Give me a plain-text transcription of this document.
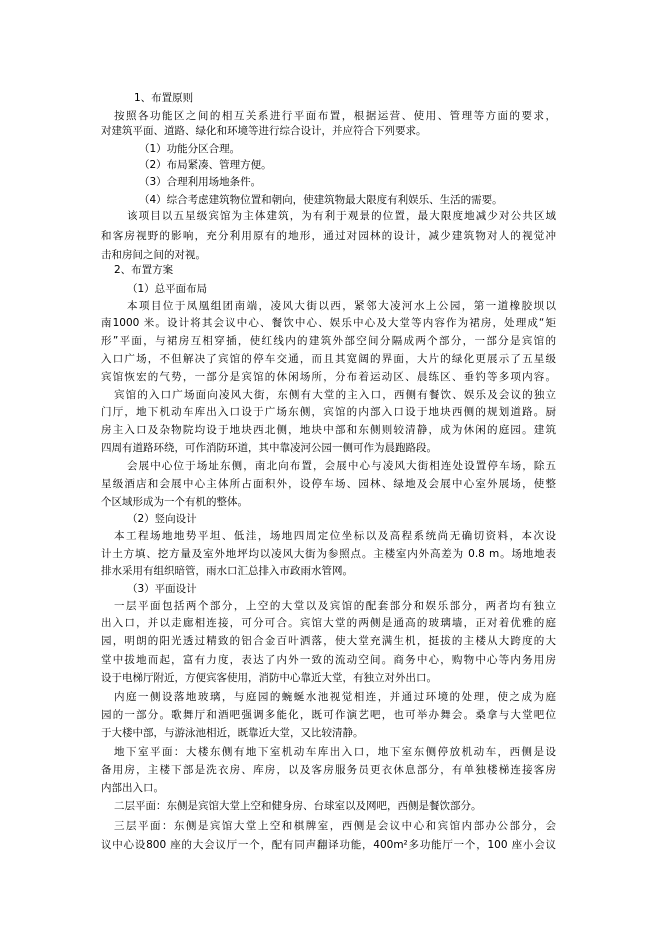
1、布置原则
按照各功能区之间的相互关系进行平面布置，根据运营、使用、管理等方面的要求，
对建筑平面、道路、绿化和环境等进行综合设计，并应符合下列要求。
（1）功能分区合理。
（2）布局紧凑、管理方便。
（3）合理利用场地条件。
（4）综合考虑建筑物位置和朝向，使建筑物最大限度有利娱乐、生活的需要。
该项目以五星级宾馆为主体建筑，为有利于观景的位置，最大限度地减少对公共区域
和客房视野的影响，充分利用原有的地形，通过对园林的设计，减少建筑物对人的视觉冲
击和房间之间的对视。
2、布置方案
（1）总平面布局
本项目位于凤凰组团南端，凌风大街以西，紧邻大凌河水上公园，第一道橡胶坝以
南1000 米。设计将其会议中心、餐饮中心、娱乐中心及大堂等内容作为裙房，处理成“矩
形”平面，与裙房互相穿插，使红线内的建筑外部空间分隔成两个部分，一部分是宾馆的
入口广场，不但解决了宾馆的停车交通，而且其宽阔的界面，大片的绿化更展示了五星级
宾馆恢宏的气势，一部分是宾馆的休闲场所，分布着运动区、晨练区、垂钓等多项内容。
宾馆的入口广场面向凌风大街，东侧有大堂的主入口，西侧有餐饮、娱乐及会议的独立
门厅，地下机动车库出入口设于广场东侧，宾馆的内部入口设于地块西侧的规划道路。厨
房主入口及杂物院均设于地块西北侧，地块中部和东侧则较清静，成为休闲的庭园。建筑
四周有道路环绕，可作消防环道，其中靠凌河公园一侧可作为晨跑路段。
会展中心位于场址东侧，南北向布置，会展中心与凌风大街相连处设置停车场，除五
星级酒店和会展中心主体所占面积外，设停车场、园林、绿地及会展中心室外展场，使整
个区域形成为一个有机的整体。
（2）竖向设计
本工程场地地势平坦、低洼，场地四周定位坐标以及高程系统尚无确切资料，本次设
计土方填、挖方量及室外地坪均以凌风大街为参照点。主楼室内外高差为 0.8 m。场地地表
排水采用有组织暗管，雨水口汇总排入市政雨水管网。
（3）平面设计
一层平面包括两个部分，上空的大堂以及宾馆的配套部分和娱乐部分，两者均有独立
出入口，并以走廊相连接，可分可合。宾馆大堂的两侧是通高的玻璃墙，正对着优雅的庭
园，明朗的阳光透过精致的铝合金百叶洒落，使大堂充满生机，挺拔的主楼从大跨度的大
堂中拔地而起，富有力度，表达了内外一致的流动空间。商务中心，购物中心等内务用房
设于电梯厅附近，方便宾客使用，消防中心靠近大堂，有独立对外出口。
内庭一侧设落地玻璃，与庭园的蜿蜒水池视觉相连，并通过环境的处理，使之成为庭
园的一部分。歌舞厅和酒吧强调多能化，既可作演艺吧，也可举办舞会。桑拿与大堂吧位
于大楼中部，与游泳池相近，既靠近大堂，又比较清静。
地下室平面：大楼东侧有地下室机动车库出入口，地下室东侧停放机动车，西侧是设
备用房，主楼下部是洗衣房、库房，以及客房服务员更衣休息部分，有单独楼梯连接客房
内部出入口。
二层平面：东侧是宾馆大堂上空和健身房、台球室以及网吧，西侧是餐饮部分。
三层平面：东侧是宾馆大堂上空和棋牌室，西侧是会议中心和宾馆内部办公部分，会
议中心设800 座的大会议厅一个，配有同声翻译功能，400m²多功能厅一个，100 座小会议
